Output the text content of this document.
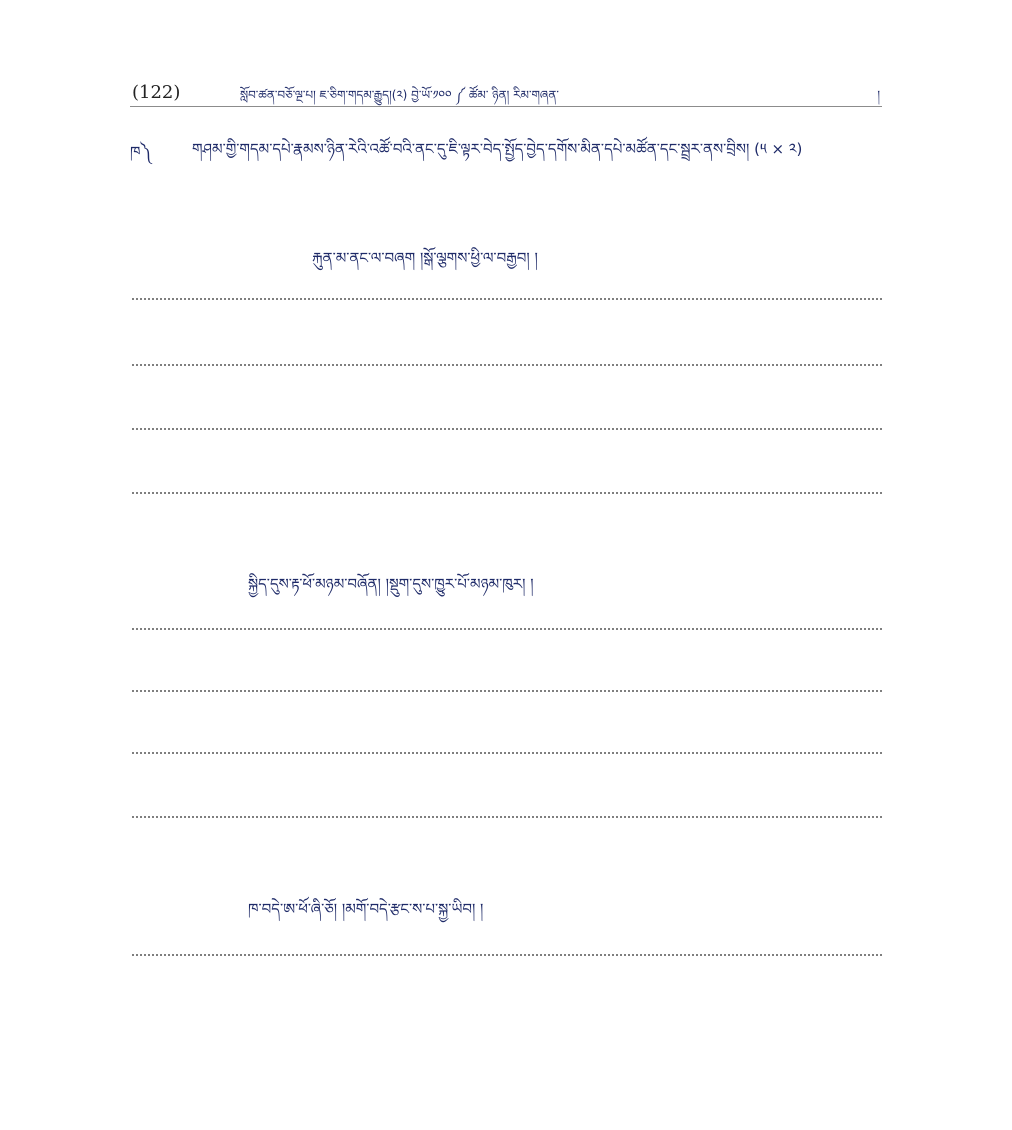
(122)	སློབ་ཚན་བཅོ་ལྔ་པ། ཇ་ཅིག་གདམ་རྒྱུད།(༢) བྱེ་ཡོ་༡༠༠ ༼ ཚོམ་ ཉིན། རིམ་གཞན་	།
ཁ༽	གཤམ་གྱི་གདམ་དཔེ་རྣམས་ཉིན་རེའི་འཚོ་བའི་ནང་དུ་ཇི་ལྟར་བེད་སྤྱོད་བྱེད་དགོས་མིན་དཔེ་མཚོན་དང་སྦྲར་ནས་བྲིས། (༥ × ༢)
རྐུན་མ་ནང་ལ་བཞག །སྒོ་ལྕགས་ཕྱི་ལ་བརྒྱབ། །
སྐྱིད་དུས་རྟ་ཕོ་མཉམ་བཞོན། །སྡུག་དུས་ཁྱུར་པོ་མཉམ་ཁུར། །
ཁ་བདེ་ཨ་ཕོ་ཞི་ཅོ། །མགོ་བདེ་རྩང་ས་པ་སྐྱ་ཡིབ། །
